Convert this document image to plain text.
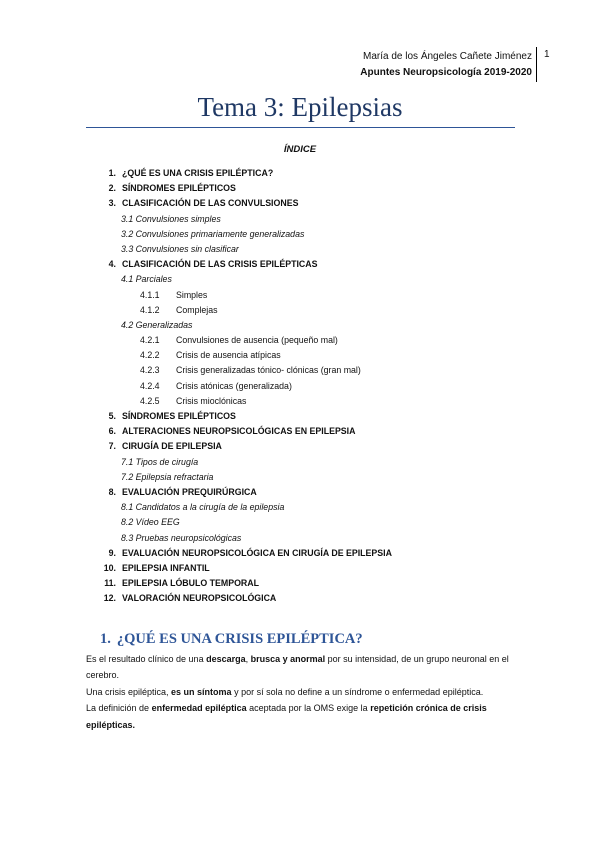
María de los Ángeles Cañete Jiménez
Apuntes Neuropsicología 2019-2020
1
Tema 3: Epilepsias
ÍNDICE
1. ¿QUÉ ES UNA CRISIS EPILÉPTICA?
2. SÍNDROMES EPILÉPTICOS
3. CLASIFICACIÓN DE LAS CONVULSIONES
3.1 Convulsiones simples
3.2 Convulsiones primariamente generalizadas
3.3 Convulsiones sin clasificar
4. CLASIFICACIÓN DE LAS CRISIS EPILÉPTICAS
4.1 Parciales
4.1.1 Simples
4.1.2 Complejas
4.2 Generalizadas
4.2.1 Convulsiones de ausencia (pequeño mal)
4.2.2 Crisis de ausencia atípicas
4.2.3 Crisis generalizadas tónico- clónicas (gran mal)
4.2.4 Crisis atónicas (generalizada)
4.2.5 Crisis mioclónicas
5. SÍNDROMES EPILÉPTICOS
6. ALTERACIONES NEUROPSICOLÓGICAS EN EPILEPSIA
7. CIRUGÍA DE EPILEPSIA
7.1 Tipos de cirugía
7.2 Epilepsia refractaria
8. EVALUACIÓN PREQUIRÚRGICA
8.1 Candidatos a la cirugía de la epilepsia
8.2 Vídeo EEG
8.3 Pruebas neuropsicológicas
9. EVALUACIÓN NEUROPSICOLÓGICA EN CIRUGÍA DE EPILEPSIA
10. EPILEPSIA INFANTIL
11. EPILEPSIA LÓBULO TEMPORAL
12. VALORACIÓN NEUROPSICOLÓGICA
1. ¿QUÉ ES UNA CRISIS EPILÉPTICA?

Es el resultado clínico de una descarga, brusca y anormal por su intensidad, de un grupo neuronal en el cerebro.

Una crisis epiléptica, es un síntoma y por sí sola no define a un síndrome o enfermedad epiléptica.

La definición de enfermedad epiléptica aceptada por la OMS exige la repetición crónica de crisis epilépticas.
